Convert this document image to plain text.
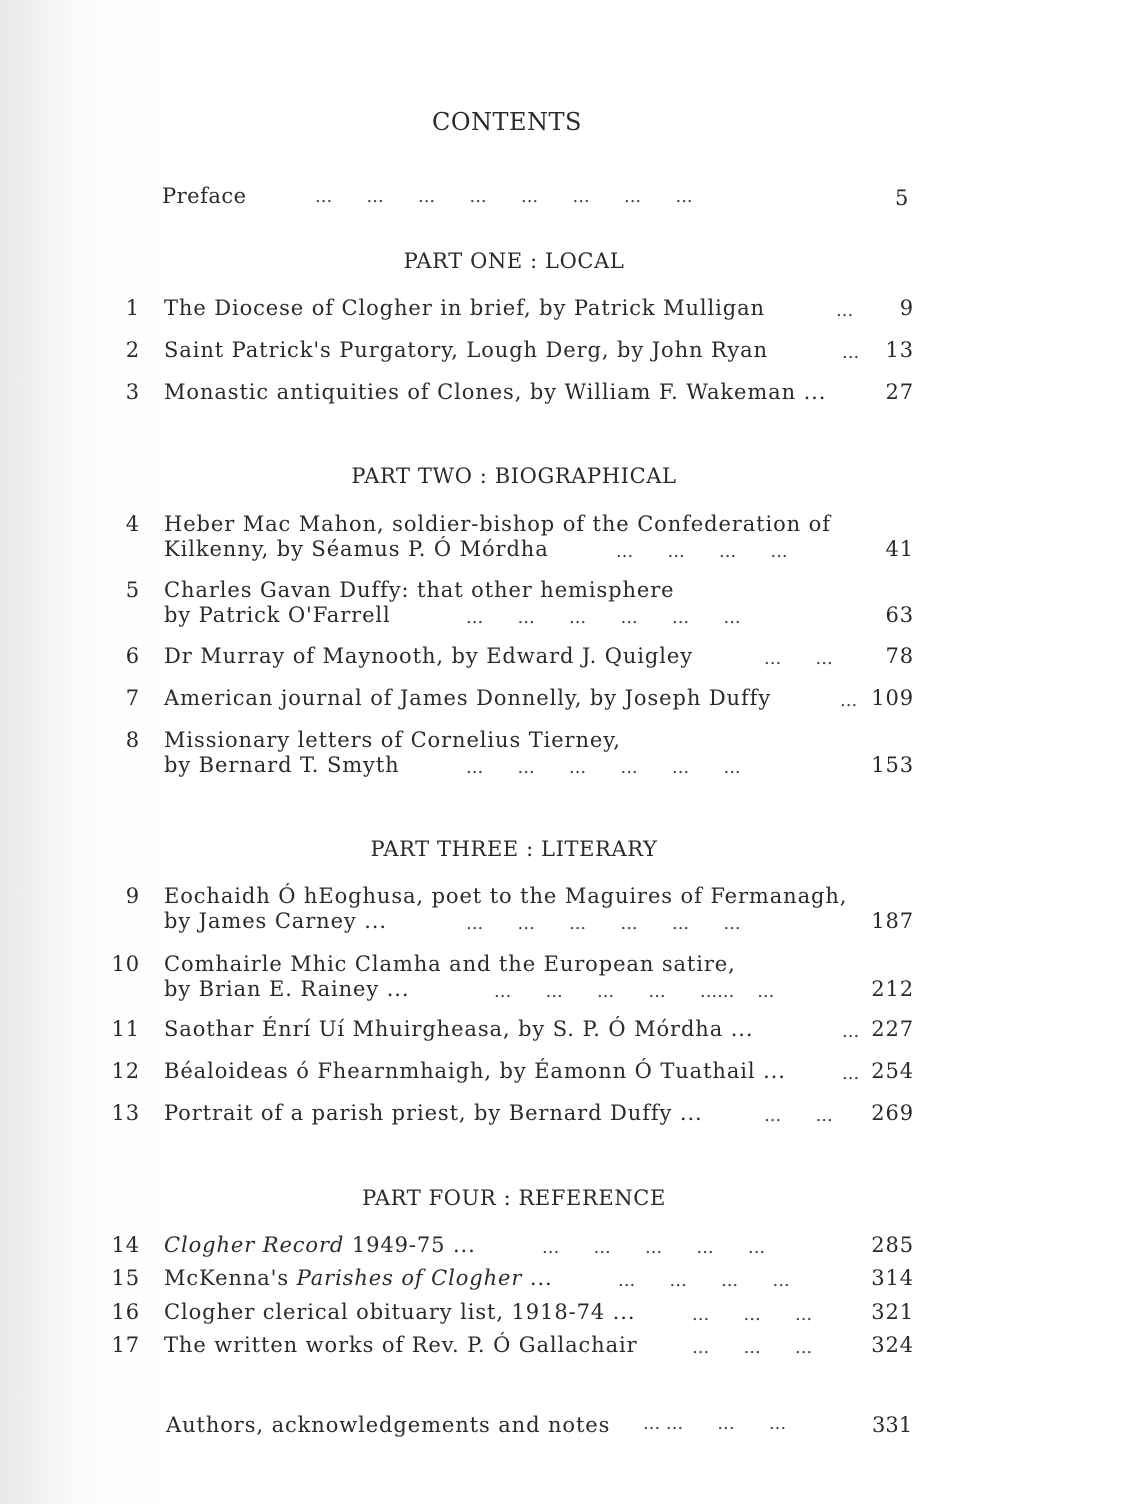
CONTENTS
Preface	...      ...      ...      ...      ...      ...      ...      ...	5
PART ONE : LOCAL
1 The Diocese of Clogher in brief, by Patrick Mulligan	... 9
2 Saint Patrick's Purgatory, Lough Derg, by John Ryan	... 13
3 Monastic antiquities of Clones, by William F. Wakeman ...	27
PART TWO : BIOGRAPHICAL
4 Heber Mac Mahon, soldier-bishop of the Confederation of
Kilkenny, by Séamus P. Ó Mórdha	...      ...      ...      ...	41
5 Charles Gavan Duffy: that other hemisphere
by Patrick O'Farrell	...      ...      ...      ...      ...      ...	63
6 Dr Murray of Maynooth, by Edward J. Quigley	...      ...	78
7 American journal of James Donnelly, by Joseph Duffy	... 109
8 Missionary letters of Cornelius Tierney,
by Bernard T. Smyth	...      ...      ...      ...      ...      ...	153
PART THREE : LITERARY
9 Eochaidh Ó hEoghusa, poet to the Maguires of Fermanagh,
by James Carney ...	...      ...      ...      ...      ...      ...	187
10 Comhairle Mhic Clamha and the European satire,
by Brian E. Rainey ...	...      ...      ...      ...      ......    ...	212
11 Saothar Énrí Uí Mhuirgheasa, by S. P. Ó Mórdha ...	... 227
12 Béaloideas ó Fhearnmhaigh, by Éamonn Ó Tuathail ...	... 254
13 Portrait of a parish priest, by Bernard Duffy ...	...      ... 269
PART FOUR : REFERENCE
14 Clogher Record 1949-75 ...	...      ...      ...      ...      ...	285
15 McKenna's Parishes of Clogher ...	...      ...      ...      ...	314
16 Clogher clerical obituary list, 1918-74 ...	...      ...      ...	321
17 The written works of Rev. P. Ó Gallachair	...      ...      ...	324
Authors, acknowledgements and notes ... ...      ...      ...	331
